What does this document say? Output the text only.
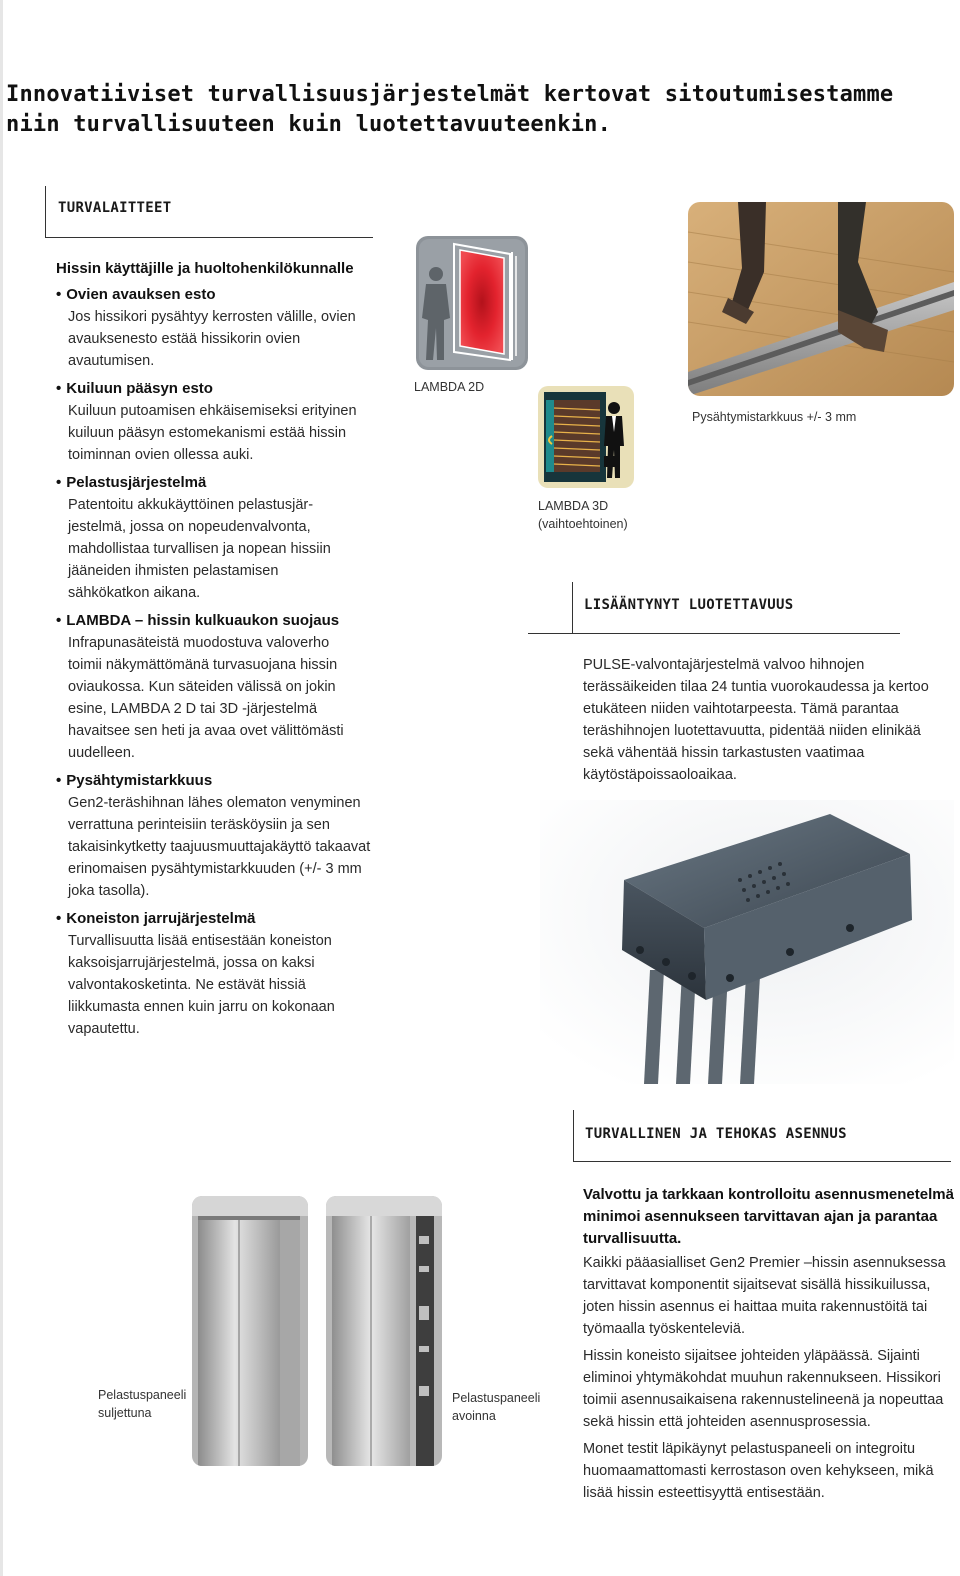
Innovatiiviset turvallisuusjärjestelmät kertovat sitoutumisestamme
niin turvallisuuteen kuin luotettavuuteenkin.
TURVALAITTEET
Hissin käyttäjille ja huoltohenkilökunnalle
• Ovien avauksen esto
Jos hissikori pysähtyy kerrosten välille, ovien avauksenesto estää hissikorin ovien avautumisen.
• Kuiluun pääsyn esto
Kuiluun putoamisen ehkäisemiseksi erityinen kuiluun pääsyn estomekanismi estää hissin toiminnan ovien ollessa auki.
• Pelastusjärjestelmä
Patentoitu akkukäyttöinen pelastusjär-jestelmä, jossa on nopeudenvalvonta, mahdollistaa turvallisen ja nopean hissiin jääneiden ihmisten pelastamisen sähkökatkon aikana.
• LAMBDA – hissin kulkuaukon suojaus
Infrapunasäteistä muodostuva valoverho toimii näkymättömänä turvasuojana hissin oviaukossa. Kun säteiden välissä on jokin esine, LAMBDA 2 D tai 3D -järjestelmä havaitsee sen heti ja avaa ovet välittömästi uudelleen.
• Pysähtymistarkkuus
Gen2-teräshihnan lähes olematon venyminen verrattuna perinteisiin teräsköysiin ja sen takaisinkytketty taajuusmuuttajakäyttö takaavat erinomaisen pysähtymistarkkuuden (+/- 3 mm joka tasolla).
• Koneiston jarrujärjestelmä
Turvallisuutta lisää entisestään koneiston kaksoisjarrujärjestelmä, jossa on kaksi valvontakosketinta. Ne estävät hissiä liikkumasta ennen kuin jarru on kokonaan vapautettu.
LAMBDA 2D
LAMBDA 3D
(vaihtoehtoinen)
Pysähtymistarkkuus +/- 3 mm
LISÄÄNTYNYT LUOTETTAVUUS
PULSE-valvontajärjestelmä valvoo hihnojen terässäikeiden tilaa 24 tuntia vuorokaudessa ja kertoo etukäteen niiden vaihtotarpeesta. Tämä parantaa teräshihnojen luotettavuutta, pidentää niiden elinikää sekä vähentää hissin tarkastusten vaatimaa käytöstäpoissaoloaikaa.
TURVALLINEN JA TEHOKAS ASENNUS
Valvottu ja tarkkaan kontrolloitu asennusmenetelmä minimoi asennukseen tarvittavan ajan ja parantaa turvallisuutta.

Kaikki pääasialliset Gen2 Premier –hissin asennuksessa tarvittavat komponentit sijaitsevat sisällä hissikuilussa, joten hissin asennus ei haittaa muita rakennustöitä tai työmaalla työskenteleviä.

Hissin koneisto sijaitsee johteiden yläpäässä. Sijainti eliminoi yhtymäkohdat muuhun rakennukseen. Hissikori toimii asennusaikaisena rakennustelineenä ja nopeuttaa sekä hissin että johteiden asennusprosessia.

Monet testit läpikäynyt pelastuspaneeli on integroitu huomaamattomasti kerrostason oven kehykseen, mikä lisää hissin esteettisyyttä entisestään.

Pelastuspaneeli
suljettuna
Pelastuspaneeli
avoinna
